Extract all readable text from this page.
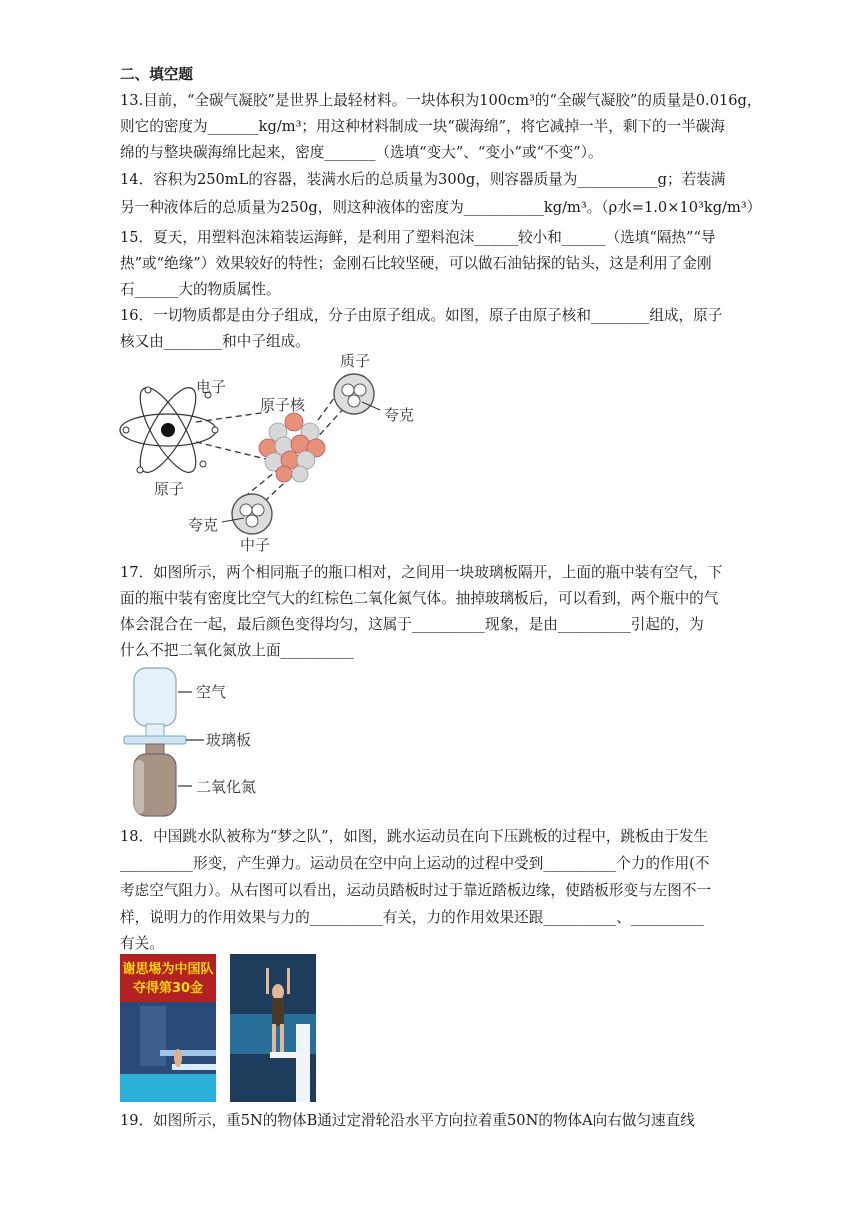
二、填空题
13.目前，“全碳气凝胶”是世界上最轻材料。一块体积为100cm³的“全碳气凝胶”的质量是0.016g，
则它的密度为_______kg/m³；用这种材料制成一块“碳海绵”，将它减掉一半，剩下的一半碳海
绵的与整块碳海绵比起来，密度_______（选填“变大”、“变小”或“不变”）。
14．容积为250mL的容器，装满水后的总质量为300g，则容器质量为___________g；若装满
另一种液体后的总质量为250g，则这种液体的密度为___________kg/m³。（ρ水=1.0×10³kg/m³）
15．夏天，用塑料泡沫箱装运海鲜，是利用了塑料泡沫______较小和______（选填“隔热”“导
热”或“绝缘”）效果较好的特性；金刚石比较坚硬，可以做石油钻探的钻头，这是利用了金刚
石______大的物质属性。
16．一切物质都是由分子组成，分子由原子组成。如图，原子由原子核和________组成，原子
核又由________和中子组成。
电子
原子
原子核
质子
夸克
夸克
中子
17．如图所示，两个相同瓶子的瓶口相对，之间用一块玻璃板隔开，上面的瓶中装有空气，下
面的瓶中装有密度比空气大的红棕色二氧化氮气体。抽掉玻璃板后，可以看到，两个瓶中的气
体会混合在一起，最后颜色变得均匀，这属于__________现象，是由__________引起的，为
什么不把二氧化氮放上面__________
空气
玻璃板
二氧化氮
18．中国跳水队被称为“梦之队”，如图，跳水运动员在向下压跳板的过程中，跳板由于发生
__________形变，产生弹力。运动员在空中向上运动的过程中受到__________个力的作用(不
考虑空气阻力）。从右图可以看出，运动员踏板时过于靠近踏板边缘，使踏板形变与左图不一
样，说明力的作用效果与力的__________有关，力的作用效果还跟__________、__________
有关。
谢思埸为中国队
夺得第30金
19．如图所示，重5N的物体B通过定滑轮沿水平方向拉着重50N的物体A向右做匀速直线
